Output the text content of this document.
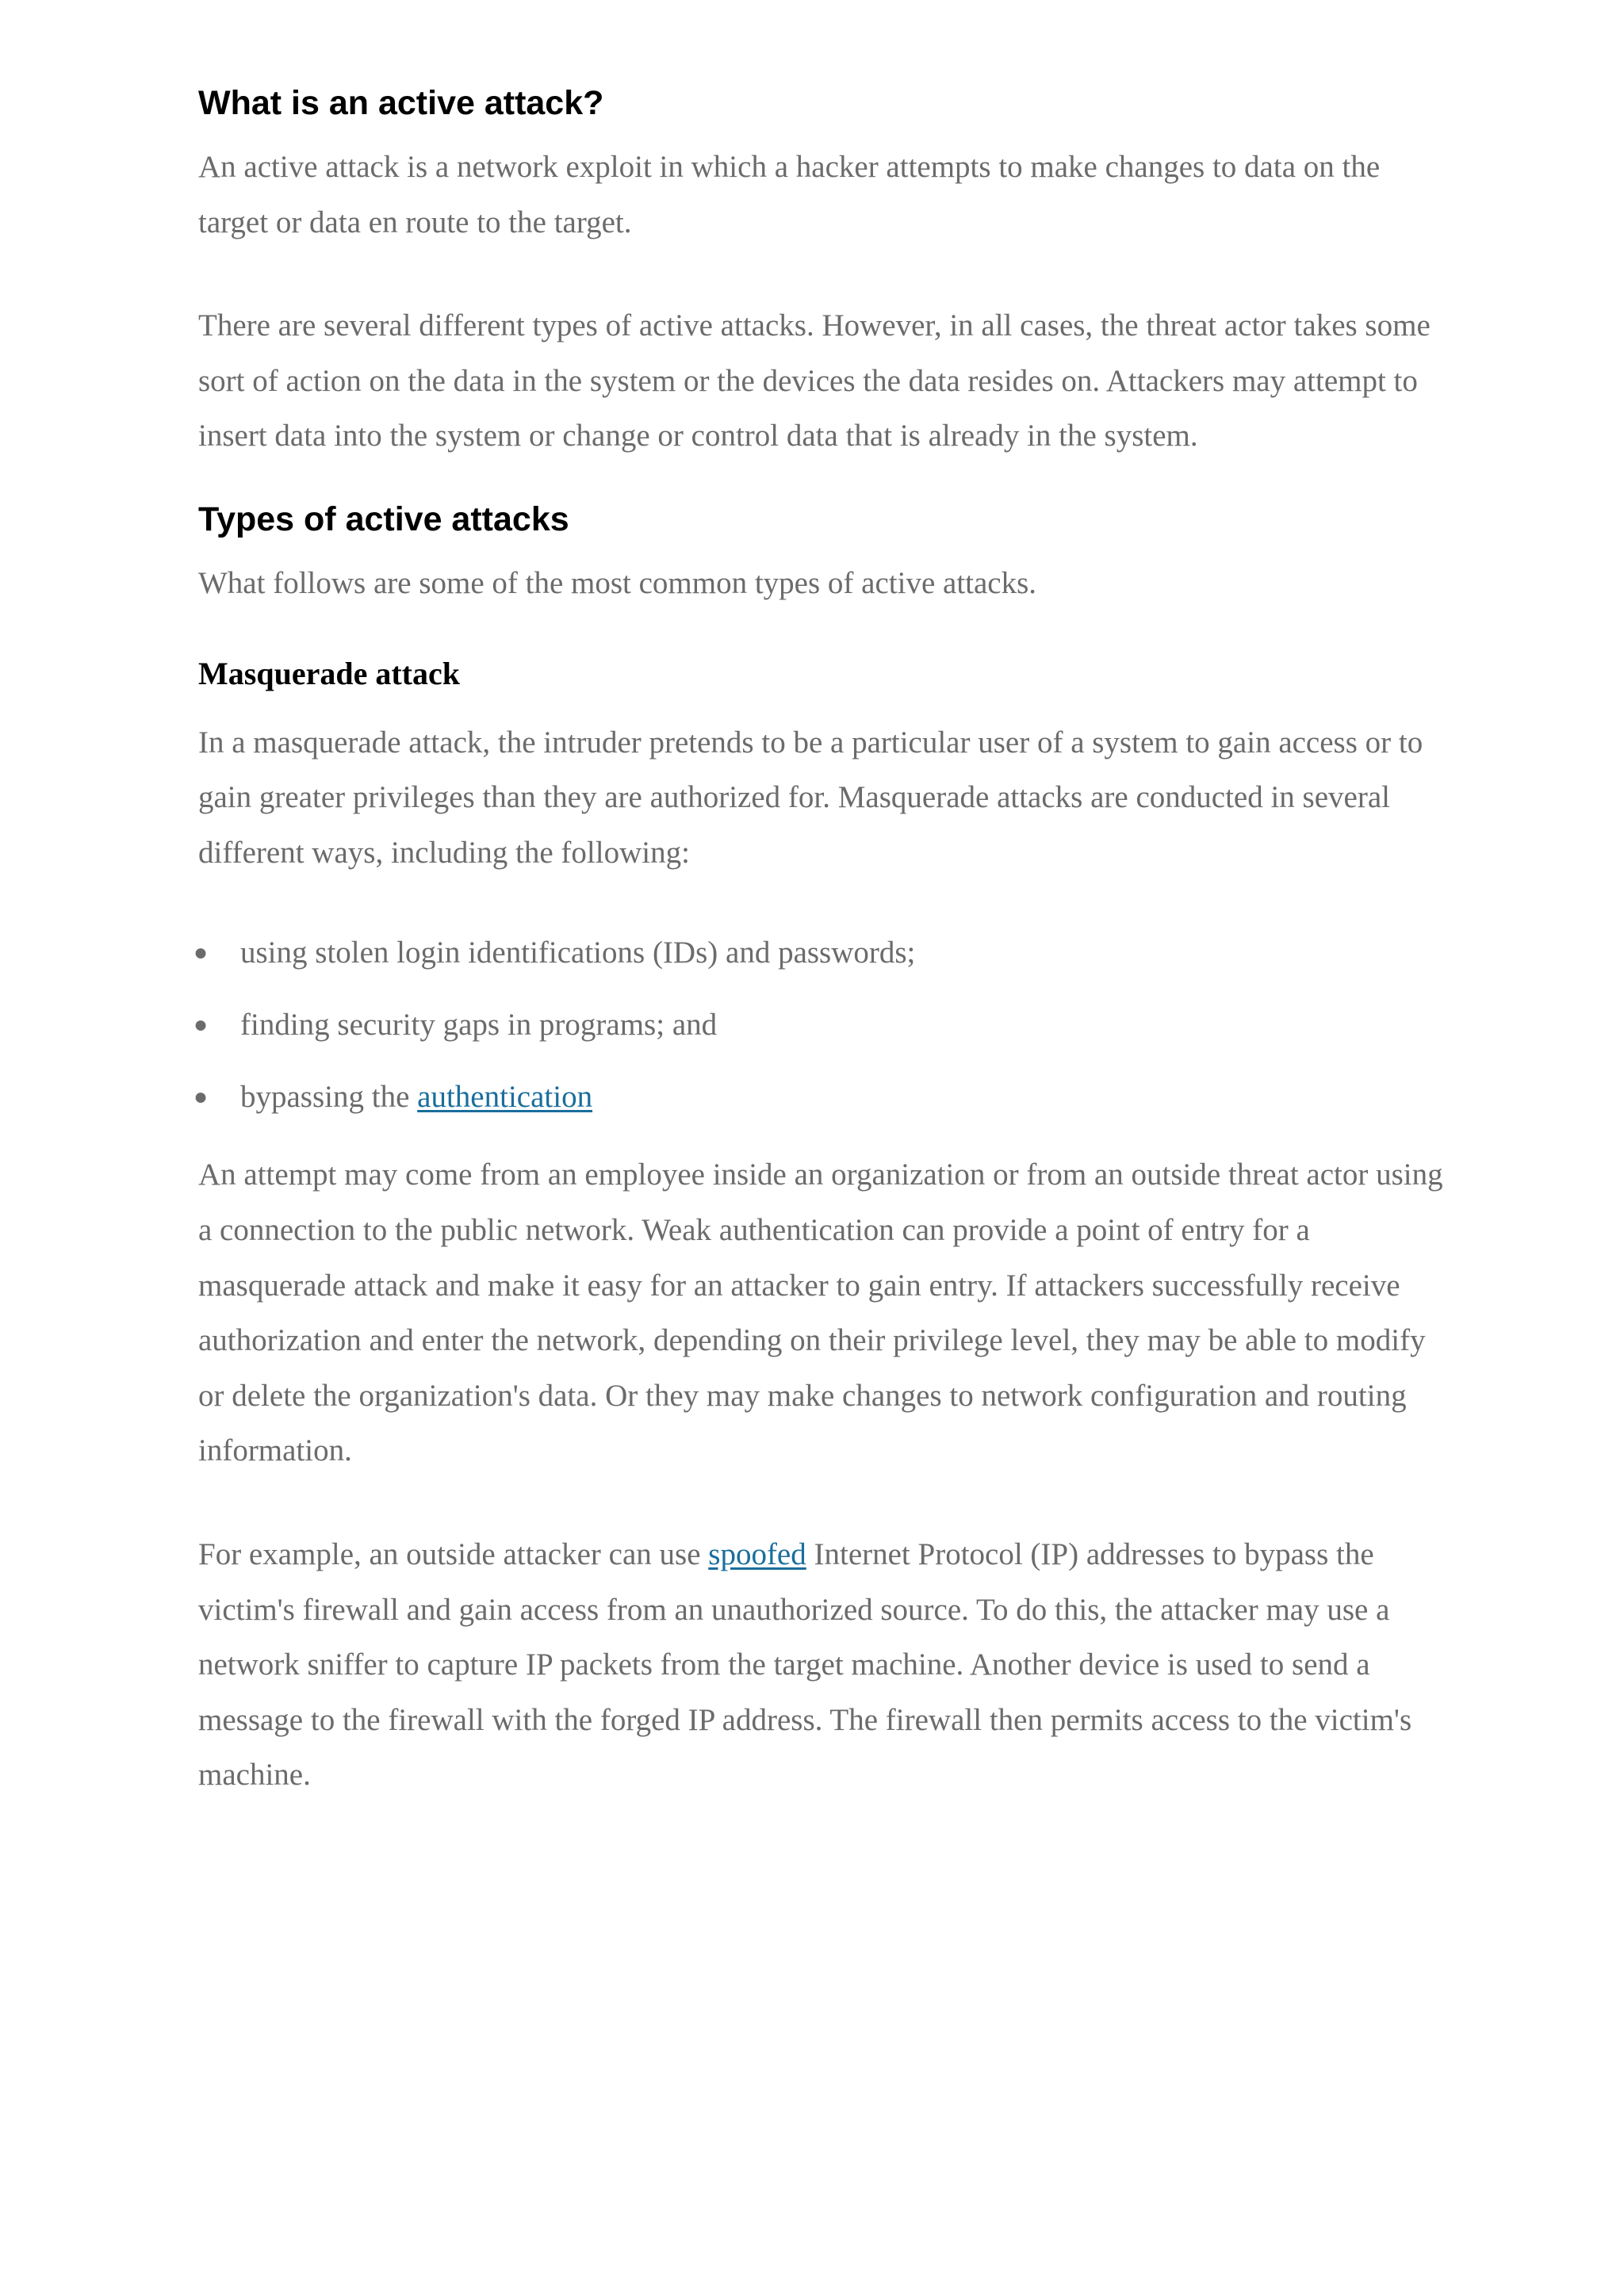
What is an active attack?

An active attack is a network exploit in which a hacker attempts to make changes to data on the target or data en route to the target.

There are several different types of active attacks. However, in all cases, the threat actor takes some sort of action on the data in the system or the devices the data resides on. Attackers may attempt to insert data into the system or change or control data that is already in the system.

Types of active attacks

What follows are some of the most common types of active attacks.

Masquerade attack

In a masquerade attack, the intruder pretends to be a particular user of a system to gain access or to gain greater privileges than they are authorized for. Masquerade attacks are conducted in several different ways, including the following:

● using stolen login identifications (IDs) and passwords;
● finding security gaps in programs; and
● bypassing the authentication

An attempt may come from an employee inside an organization or from an outside threat actor using a connection to the public network. Weak authentication can provide a point of entry for a masquerade attack and make it easy for an attacker to gain entry. If attackers successfully receive authorization and enter the network, depending on their privilege level, they may be able to modify or delete the organization's data. Or they may make changes to network configuration and routing information.

For example, an outside attacker can use spoofed Internet Protocol (IP) addresses to bypass the victim's firewall and gain access from an unauthorized source. To do this, the attacker may use a network sniffer to capture IP packets from the target machine. Another device is used to send a message to the firewall with the forged IP address. The firewall then permits access to the victim's machine.
